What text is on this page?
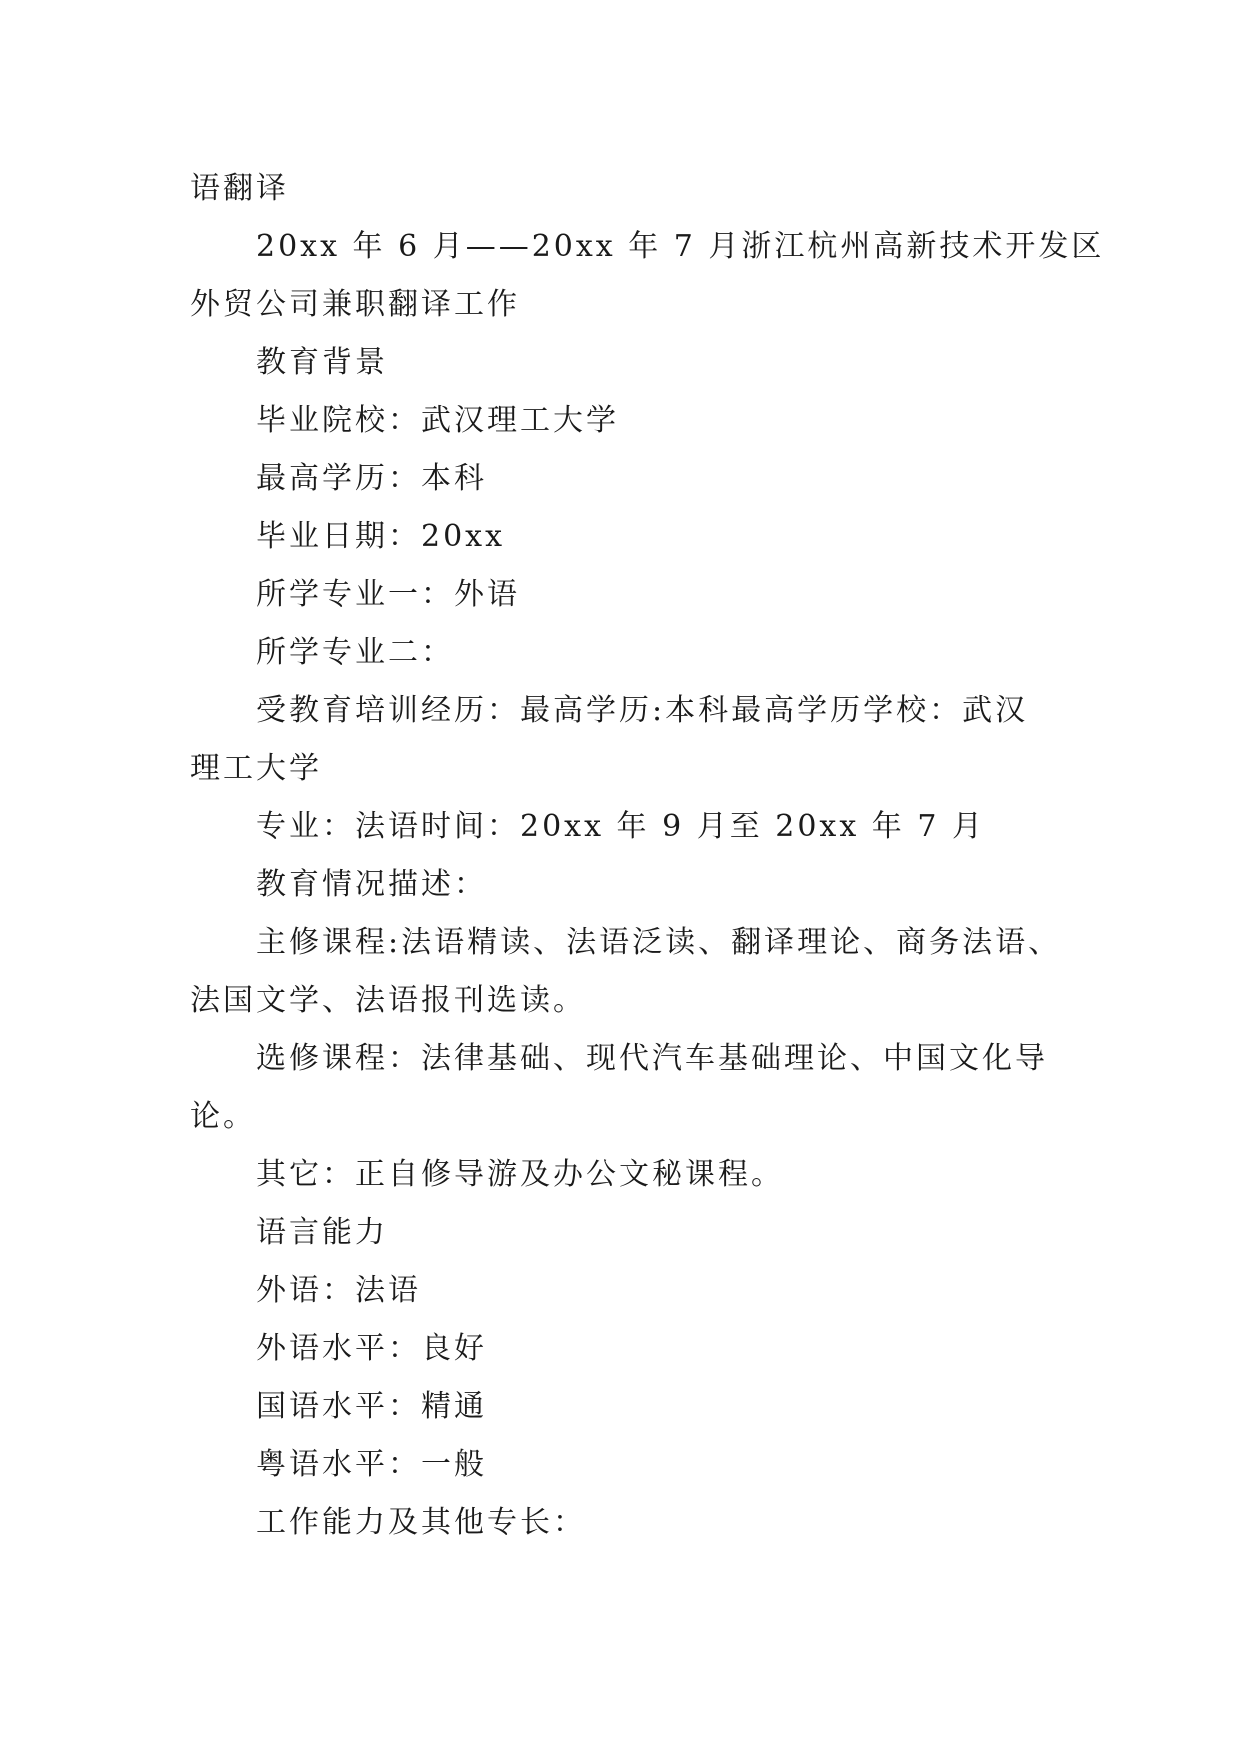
语翻译
20xx 年 6 月——20xx 年 7 月浙江杭州高新技术开发区
外贸公司兼职翻译工作
教育背景
毕业院校：武汉理工大学
最高学历：本科
毕业日期：20xx
所学专业一：外语
所学专业二：
受教育培训经历：最高学历:本科最高学历学校：武汉
理工大学
专业：法语时间：20xx 年 9 月至 20xx 年 7 月
教育情况描述：
主修课程:法语精读、法语泛读、翻译理论、商务法语、
法国文学、法语报刊选读。
选修课程：法律基础、现代汽车基础理论、中国文化导
论。
其它：正自修导游及办公文秘课程。
语言能力
外语：法语
外语水平：良好
国语水平：精通
粤语水平：一般
工作能力及其他专长：
